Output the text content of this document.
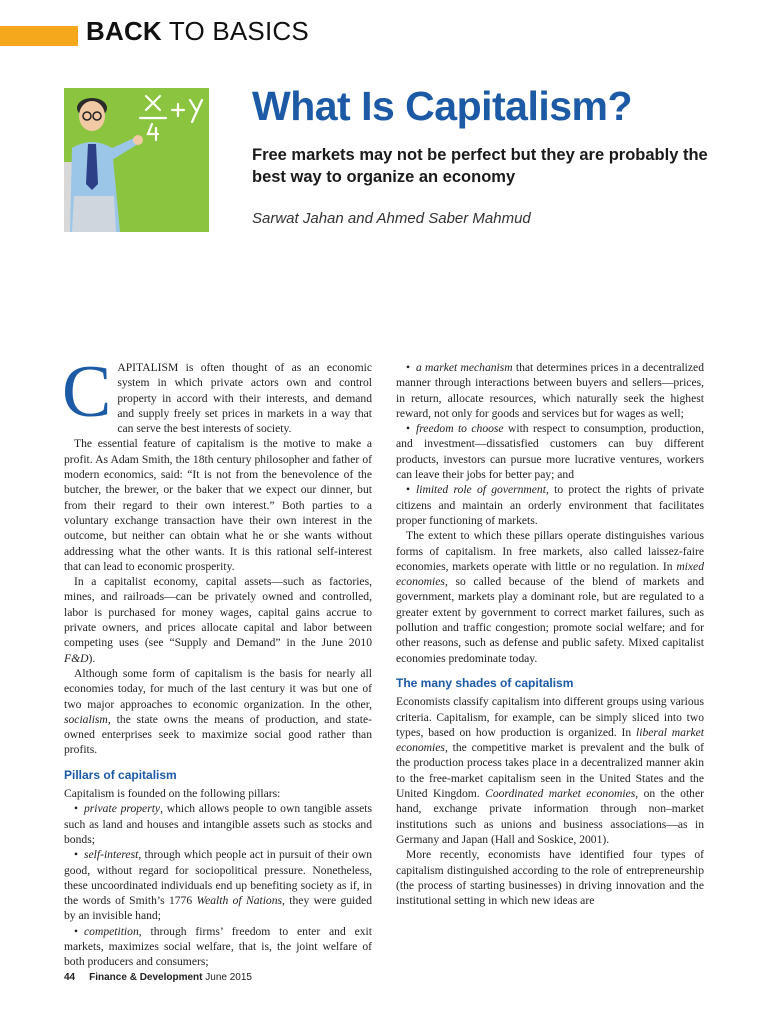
BACK TO BASICS
What Is Capitalism?
Free markets may not be perfect but they are probably the best way to organize an economy
Sarwat Jahan and Ahmed Saber Mahmud

CAPITALISM is often thought of as an economic system in which private actors own and control property in accord with their interests, and demand and supply freely set prices in markets in a way that can serve the best interests of society.

The essential feature of capitalism is the motive to make a profit. As Adam Smith, the 18th century philosopher and father of modern economics, said: “It is not from the benevolence of the butcher, the brewer, or the baker that we expect our dinner, but from their regard to their own interest.” Both parties to a voluntary exchange transaction have their own interest in the outcome, but neither can obtain what he or she wants without addressing what the other wants. It is this rational self-interest that can lead to economic prosperity.

In a capitalist economy, capital assets—such as factories, mines, and railroads—can be privately owned and controlled, labor is purchased for money wages, capital gains accrue to private owners, and prices allocate capital and labor between competing uses (see “Supply and Demand” in the June 2010 F&D).

Although some form of capitalism is the basis for nearly all economies today, for much of the last century it was but one of two major approaches to economic organization. In the other, socialism, the state owns the means of production, and state-owned enterprises seek to maximize social good rather than profits.

Pillars of capitalism

Capitalism is founded on the following pillars:

• private property, which allows people to own tangible assets such as land and houses and intangible assets such as stocks and bonds;

• self-interest, through which people act in pursuit of their own good, without regard for sociopolitical pressure. Nonetheless, these uncoordinated individuals end up benefiting society as if, in the words of Smith’s 1776 Wealth of Nations, they were guided by an invisible hand;

• competition, through firms’ freedom to enter and exit markets, maximizes social welfare, that is, the joint welfare of both producers and consumers;

• a market mechanism that determines prices in a decentralized manner through interactions between buyers and sellers—prices, in return, allocate resources, which naturally seek the highest reward, not only for goods and services but for wages as well;

• freedom to choose with respect to consumption, production, and investment—dissatisfied customers can buy different products, investors can pursue more lucrative ventures, workers can leave their jobs for better pay; and

• limited role of government, to protect the rights of private citizens and maintain an orderly environment that facilitates proper functioning of markets.

The extent to which these pillars operate distinguishes various forms of capitalism. In free markets, also called laissez-faire economies, markets operate with little or no regulation. In mixed economies, so called because of the blend of markets and government, markets play a dominant role, but are regulated to a greater extent by government to correct market failures, such as pollution and traffic congestion; promote social welfare; and for other reasons, such as defense and public safety. Mixed capitalist economies predominate today.

The many shades of capitalism

Economists classify capitalism into different groups using various criteria. Capitalism, for example, can be simply sliced into two types, based on how production is organized. In liberal market economies, the competitive market is prevalent and the bulk of the production process takes place in a decentralized manner akin to the free-market capitalism seen in the United States and the United Kingdom. Coordinated market economies, on the other hand, exchange private information through non–market institutions such as unions and business associations—as in Germany and Japan (Hall and Soskice, 2001).

More recently, economists have identified four types of capitalism distinguished according to the role of entrepreneurship (the process of starting businesses) in driving innovation and the institutional setting in which new ideas are

44 Finance & Development June 2015
